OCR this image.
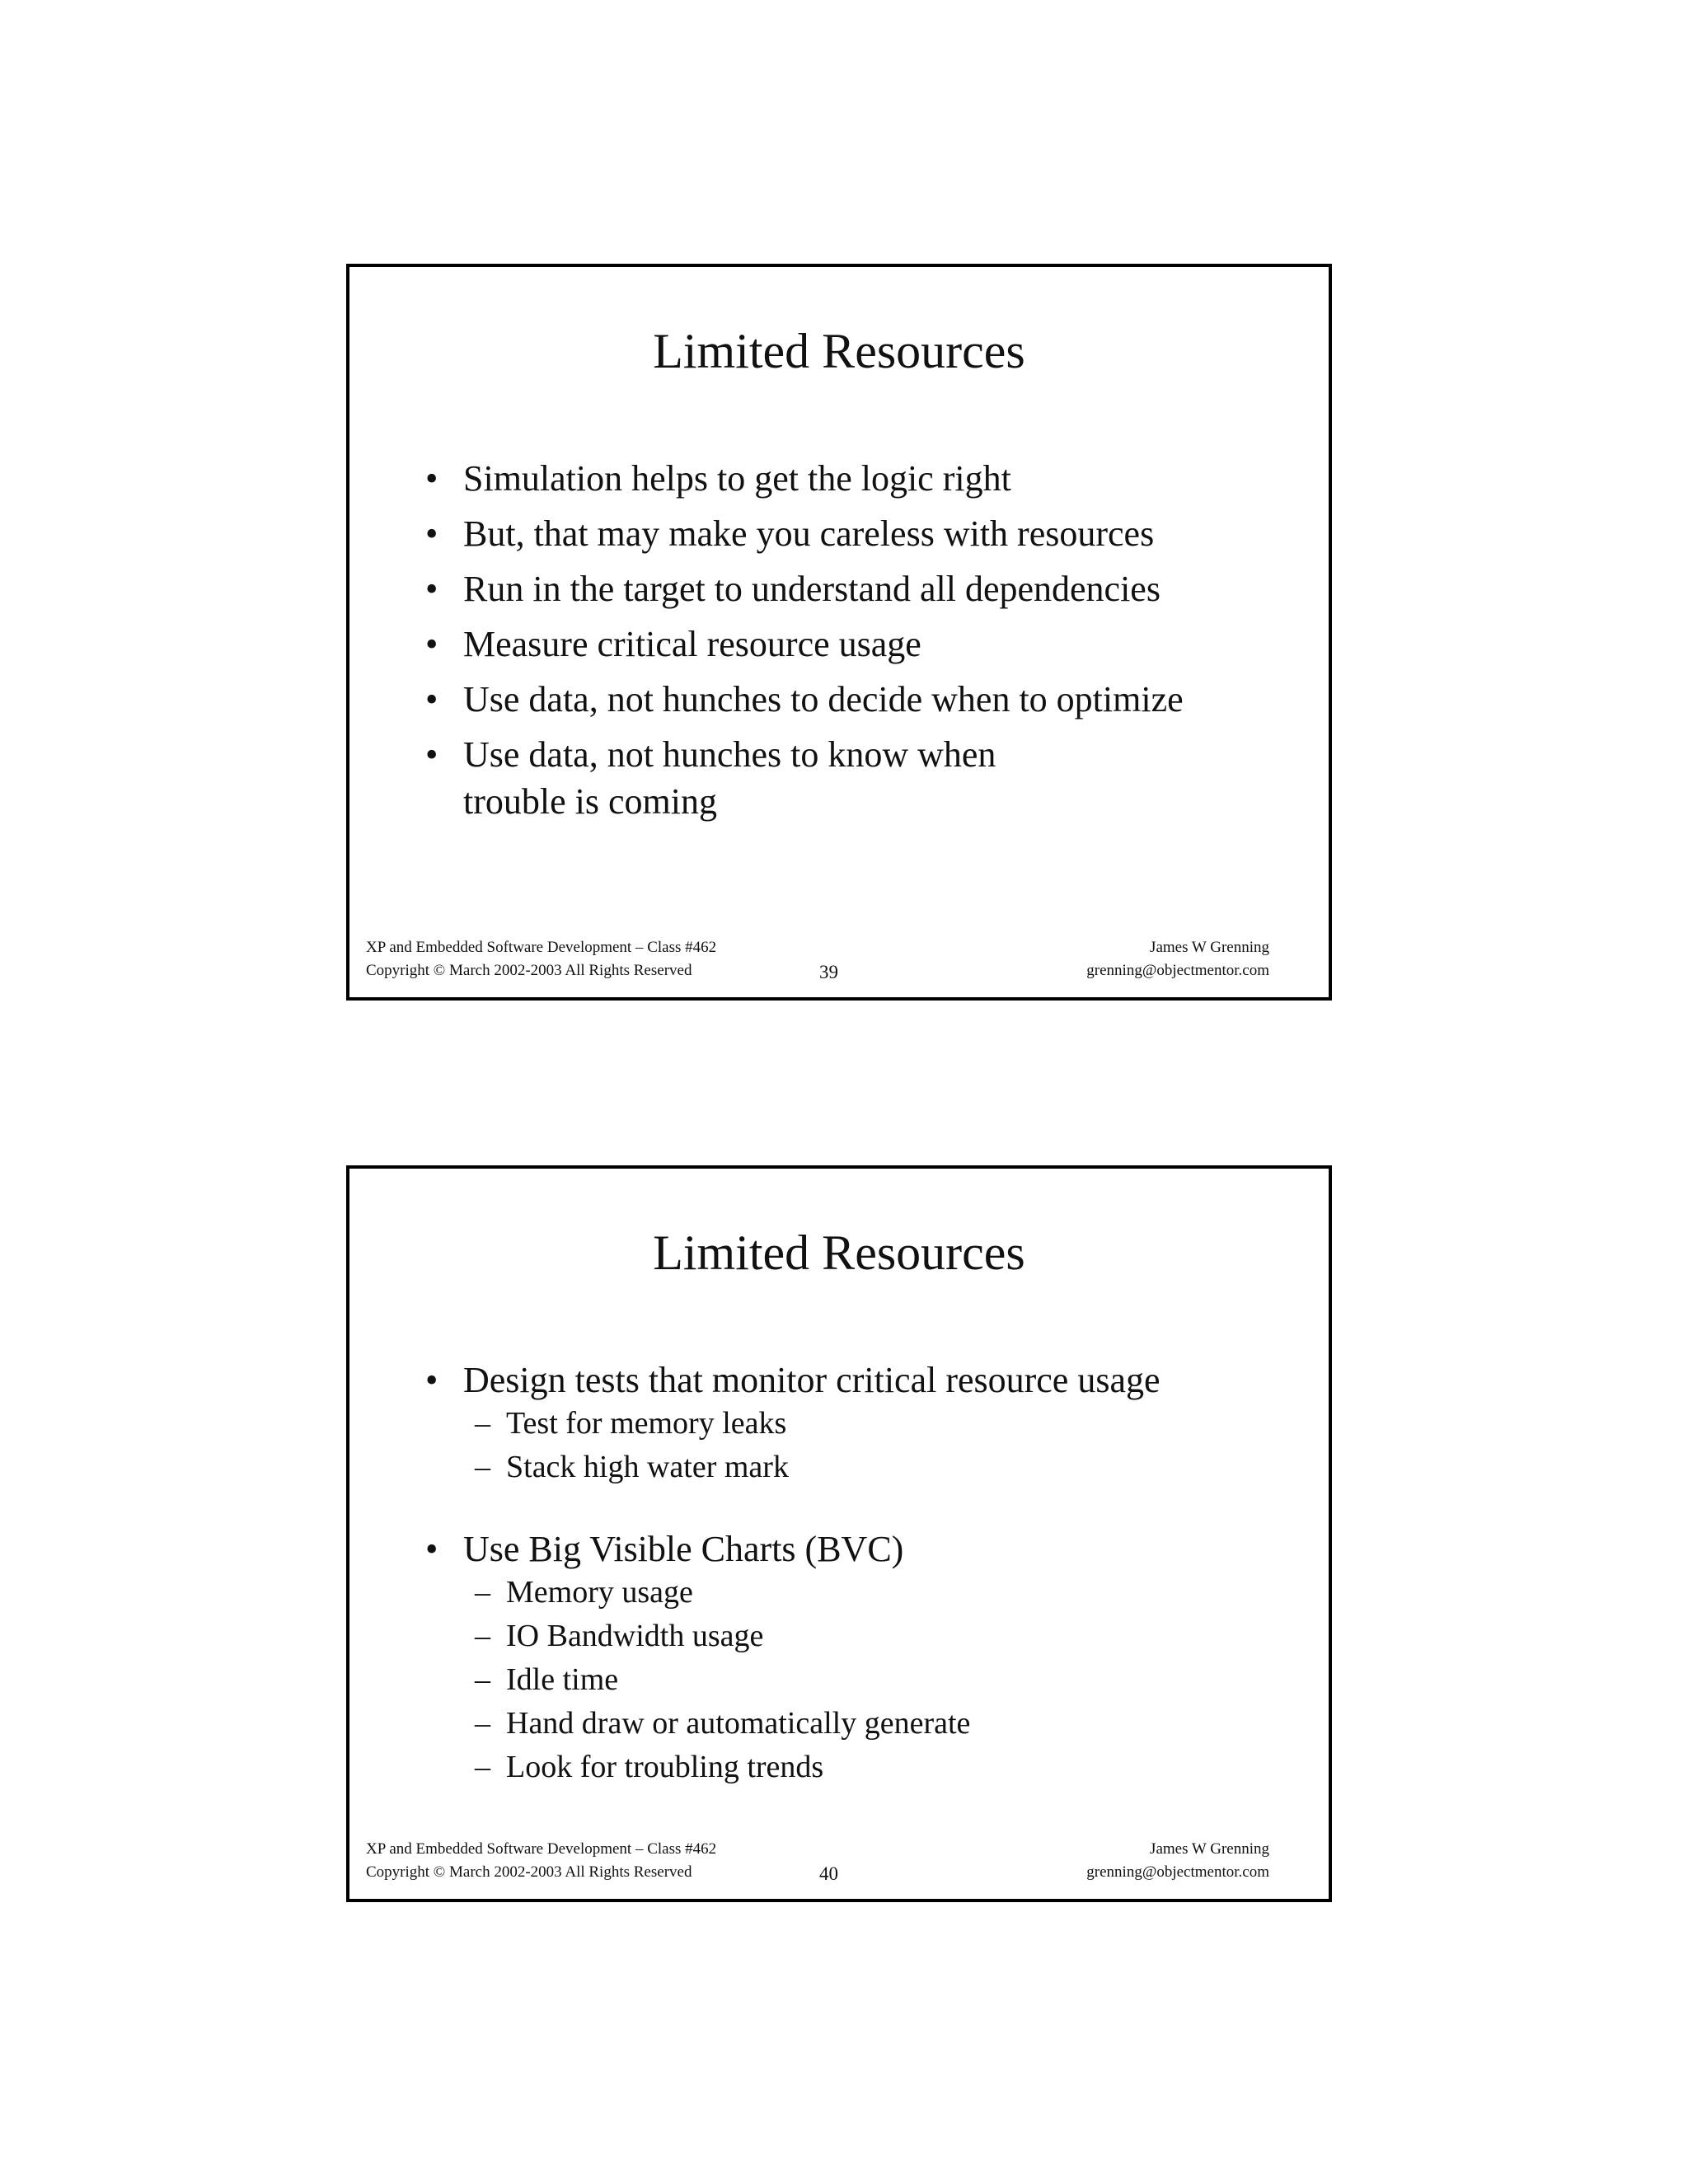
Limited Resources
• Simulation helps to get the logic right
• But, that may make you careless with resources
• Run in the target to understand all dependencies
• Measure critical resource usage
• Use data, not hunches to decide when to optimize
• Use data, not hunches to know when trouble is coming
XP and Embedded Software Development – Class #462
Copyright © March 2002-2003 All Rights Reserved	39
James W Grenning
grenning@objectmentor.com
Limited Resources
• Design tests that monitor critical resource usage
– Test for memory leaks
– Stack high water mark
• Use Big Visible Charts (BVC)
– Memory usage
– IO Bandwidth usage
– Idle time
– Hand draw or automatically generate
– Look for troubling trends
XP and Embedded Software Development – Class #462
Copyright © March 2002-2003 All Rights Reserved	40
James W Grenning
grenning@objectmentor.com
